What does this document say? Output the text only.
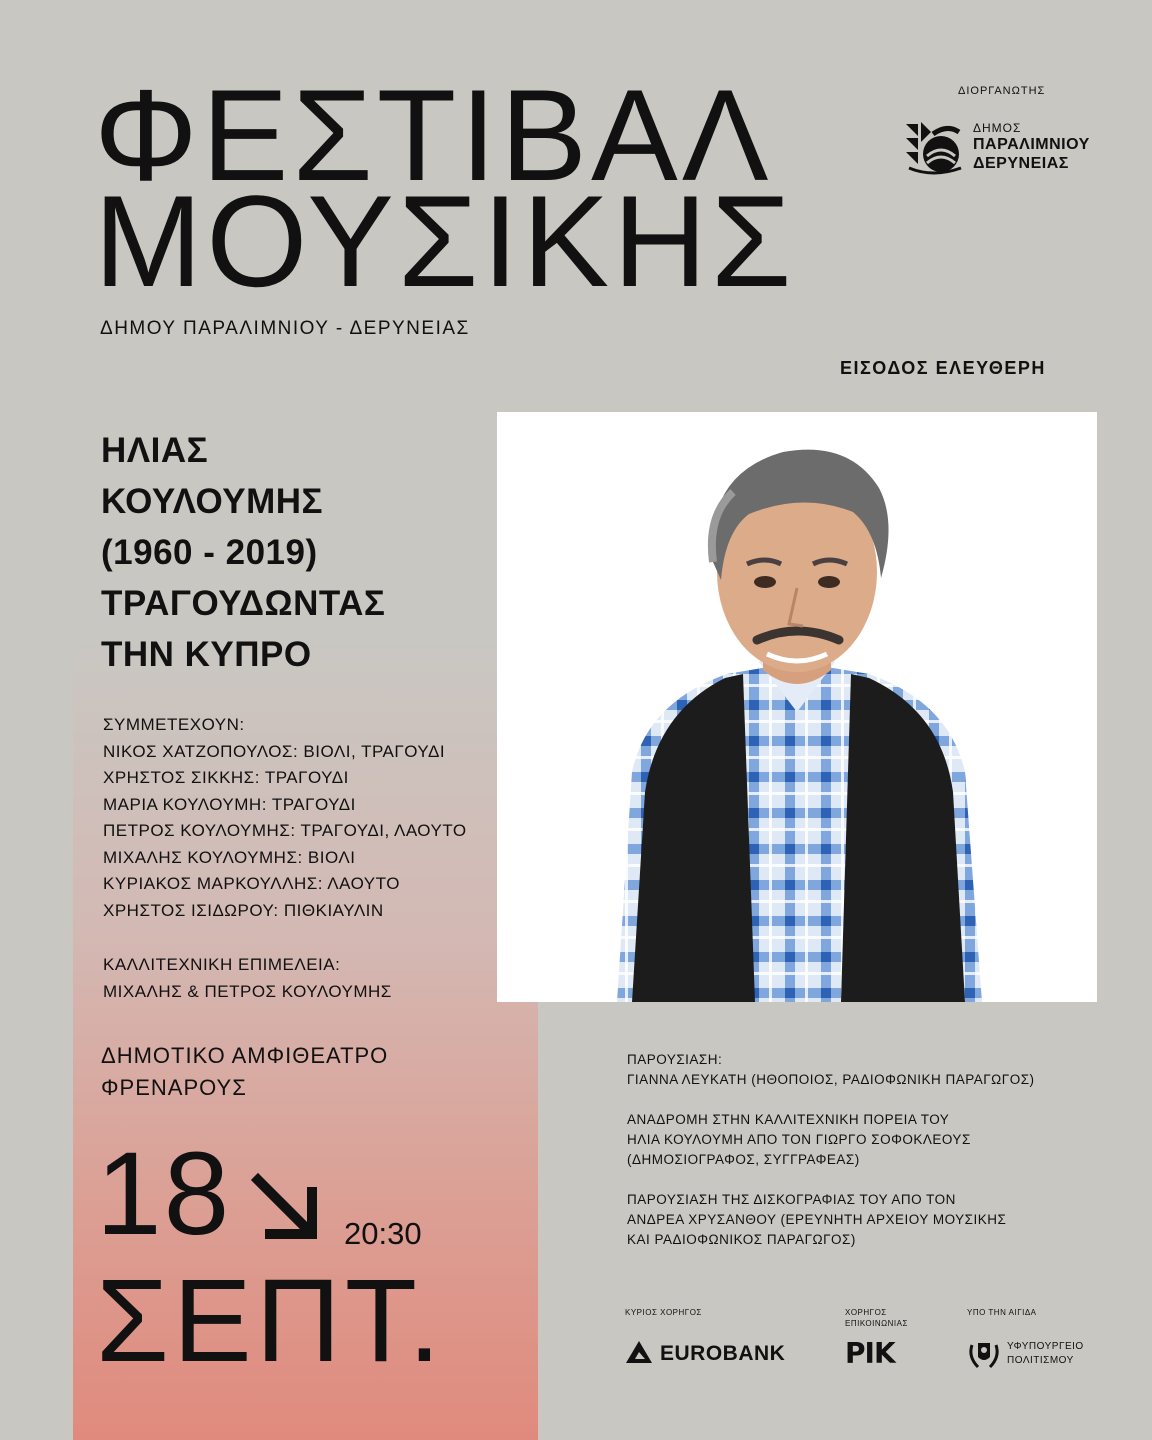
ΦΕΣΤΙΒΑΛ
ΜΟΥΣΙΚΗΣ
ΔΗΜΟΥ ΠΑΡΑΛΙΜΝΙΟΥ - ΔΕΡΥΝΕΙΑΣ
ΔΙΟΡΓΑΝΩΤΗΣ
ΔΗΜΟΣ
ΠΑΡΑΛΙΜΝΙΟΥ
ΔΕΡΥΝΕΙΑΣ
ΕΙΣΟΔΟΣ ΕΛΕΥΘΕΡΗ
ΗΛΙΑΣ
ΚΟΥΛΟΥΜΗΣ
(1960 - 2019)
ΤΡΑΓΟΥΔΩΝΤΑΣ
ΤΗΝ ΚΥΠΡΟ
ΣΥΜΜΕΤΕΧΟΥΝ:
ΝΙΚΟΣ ΧΑΤΖΟΠΟΥΛΟΣ: ΒΙΟΛΙ, ΤΡΑΓΟΥΔΙ
ΧΡΗΣΤΟΣ ΣΙΚΚΗΣ: ΤΡΑΓΟΥΔΙ
ΜΑΡΙΑ ΚΟΥΛΟΥΜΗ: ΤΡΑΓΟΥΔΙ
ΠΕΤΡΟΣ ΚΟΥΛΟΥΜΗΣ: ΤΡΑΓΟΥΔΙ, ΛΑΟΥΤΟ
ΜΙΧΑΛΗΣ ΚΟΥΛΟΥΜΗΣ: ΒΙΟΛΙ
ΚΥΡΙΑΚΟΣ ΜΑΡΚΟΥΛΛΗΣ: ΛΑΟΥΤΟ
ΧΡΗΣΤΟΣ ΙΣΙΔΩΡΟΥ: ΠΙΘΚΙΑΥΛΙΝ
ΚΑΛΛΙΤΕΧΝΙΚΗ ΕΠΙΜΕΛΕΙΑ:
ΜΙΧΑΛΗΣ & ΠΕΤΡΟΣ ΚΟΥΛΟΥΜΗΣ
ΔΗΜΟΤΙΚΟ ΑΜΦΙΘΕΑΤΡΟ
ΦΡΕΝΑΡΟΥΣ
18	20:30
ΣΕΠΤ.

ΠΑΡΟΥΣΙΑΣΗ:
ΓΙΑΝΝΑ ΛΕΥΚΑΤΗ (ΗΘΟΠΟΙΟΣ, ΡΑΔΙΟΦΩΝΙΚΗ ΠΑΡΑΓΩΓΟΣ)

ΑΝΑΔΡΟΜΗ ΣΤΗΝ ΚΑΛΛΙΤΕΧΝΙΚΗ ΠΟΡΕΙΑ ΤΟΥ
ΗΛΙΑ ΚΟΥΛΟΥΜΗ ΑΠΟ ΤΟΝ ΓΙΩΡΓΟ ΣΟΦΟΚΛΕΟΥΣ
(ΔΗΜΟΣΙΟΓΡΑΦΟΣ, ΣΥΓΓΡΑΦΕΑΣ)

ΠΑΡΟΥΣΙΑΣΗ ΤΗΣ ΔΙΣΚΟΓΡΑΦΙΑΣ ΤΟΥ ΑΠΟ ΤΟΝ
ΑΝΔΡΕΑ ΧΡΥΣΑΝΘΟΥ (ΕΡΕΥΝΗΤΗ ΑΡΧΕΙΟΥ ΜΟΥΣΙΚΗΣ
ΚΑΙ ΡΑΔΙΟΦΩΝΙΚΟΣ ΠΑΡΑΓΩΓΟΣ)

ΚΥΡΙΟΣ ΧΟΡΗΓΟΣ
EUROBANK
ΧΟΡΗΓΟΣ
ΕΠΙΚΟΙΝΩΝΙΑΣ
ΡΙΚ
ΥΠΟ ΤΗΝ ΑΙΓΙΔΑ
ΥΦΥΠΟΥΡΓΕΙΟ
ΠΟΛΙΤΙΣΜΟΥ
